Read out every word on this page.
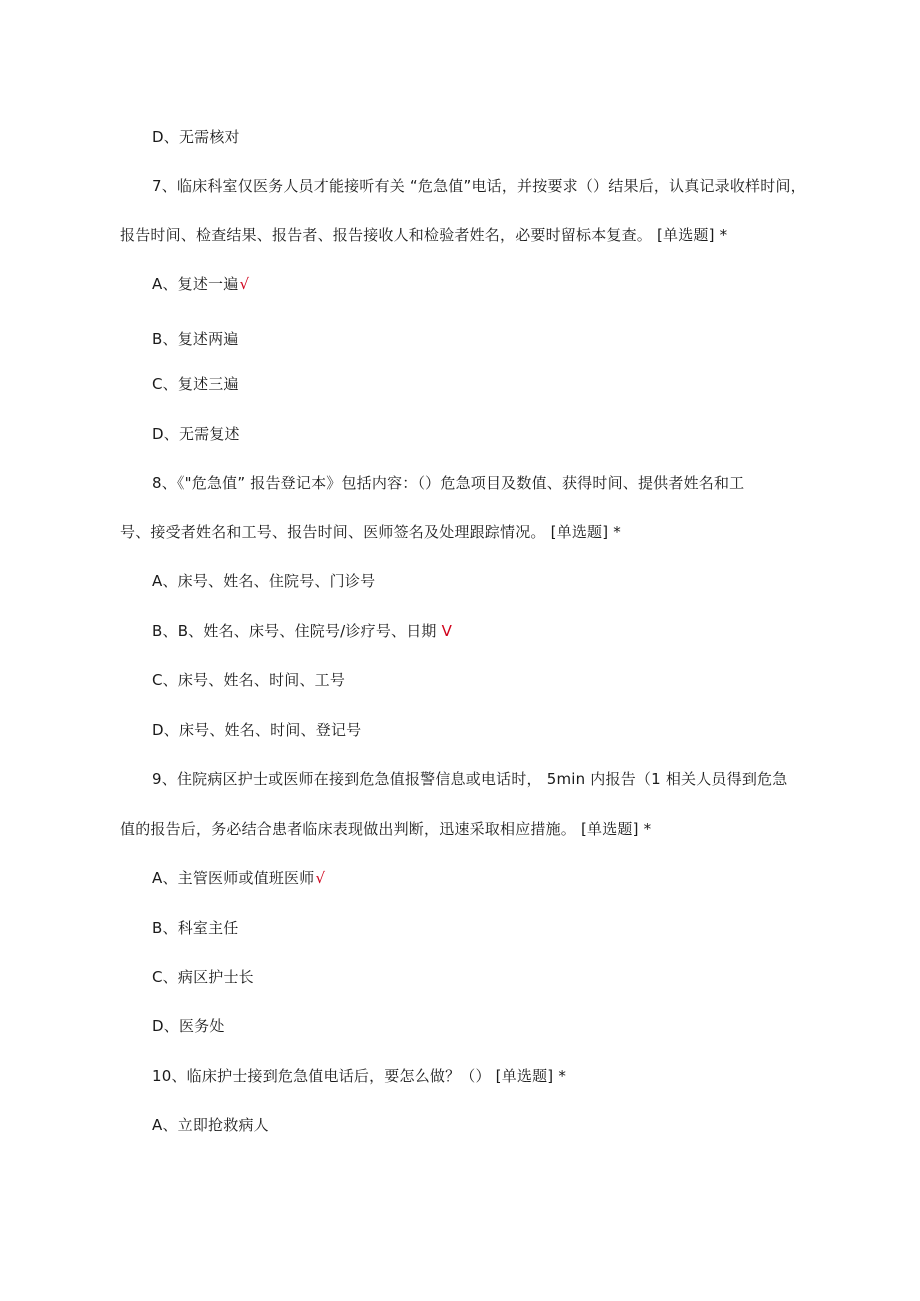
D、无需核对
7、临床科室仅医务人员才能接听有关 “危急值”电话，并按要求（）结果后，认真记录收样时间，
报告时间、检查结果、报告者、报告接收人和检验者姓名，必要时留标本复查。 [单选题] *
A、复述一遍√
B、复述两遍
C、复述三遍
D、无需复述
8、《"危急值” 报告登记本》包括内容：（）危急项目及数值、获得时间、提供者姓名和工
号、接受者姓名和工号、报告时间、医师签名及处理跟踪情况。 [单选题] *
A、床号、姓名、住院号、门诊号
B、B、姓名、床号、住院号/诊疗号、日期 V
C、床号、姓名、时间、工号
D、床号、姓名、时间、登记号
9、住院病区护士或医师在接到危急值报警信息或电话时， 5min 内报告（1 相关人员得到危急
值的报告后，务必结合患者临床表现做出判断，迅速采取相应措施。 [单选题] *
A、主管医师或值班医师√
B、科室主任
C、病区护士长
D、医务处
10、临床护士接到危急值电话后，要怎么做？（） [单选题] *
A、立即抢救病人
